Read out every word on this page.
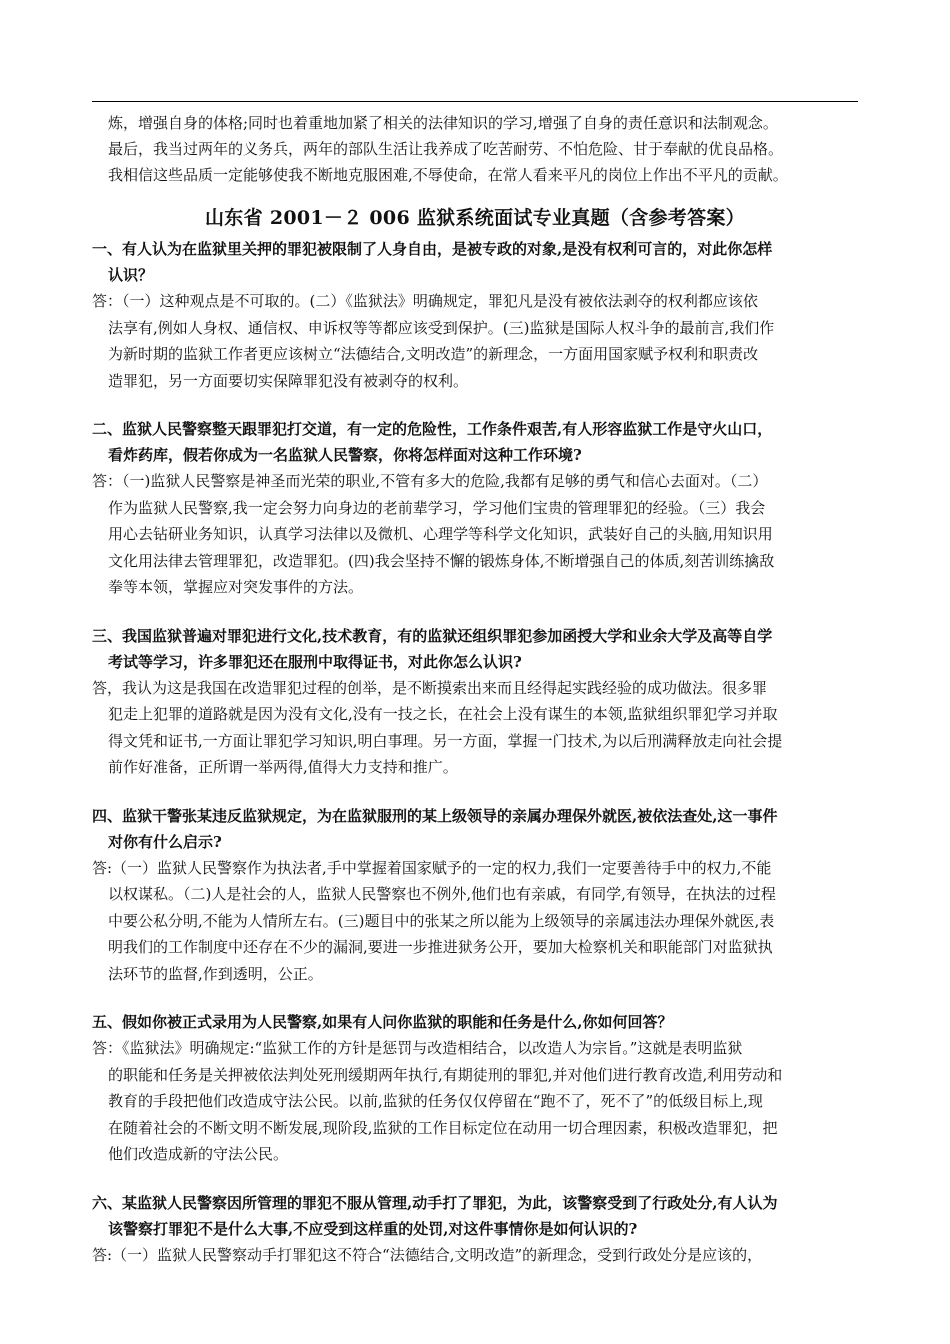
炼，增强自身的体格;同时也着重地加紧了相关的法律知识的学习,增强了自身的责任意识和法制观念。

最后，我当过两年的义务兵，两年的部队生活让我养成了吃苦耐劳、不怕危险、甘于奉献的优良品格。

我相信这些品质一定能够使我不断地克服困难,不辱使命，在常人看来平凡的岗位上作出不平凡的贡献。

山东省 2001－２ 006 监狱系统面试专业真题（含参考答案）
一、有人认为在监狱里关押的罪犯被限制了人身自由，是被专政的对象,是没有权利可言的，对此你怎样
认识？
答：（一）这种观点是不可取的。(二）《监狱法》明确规定，罪犯凡是没有被依法剥夺的权利都应该依
法享有,例如人身权、通信权、申诉权等等都应该受到保护。(三)监狱是国际人权斗争的最前言,我们作
为新时期的监狱工作者更应该树立“法德结合,文明改造”的新理念，一方面用国家赋予权利和职责改
造罪犯，另一方面要切实保障罪犯没有被剥夺的权利。
二、监狱人民警察整天跟罪犯打交道，有一定的危险性，工作条件艰苦,有人形容监狱工作是守火山口，
看炸药库，假若你成为一名监狱人民警察，你将怎样面对这种工作环境?
答：（一)监狱人民警察是神圣而光荣的职业,不管有多大的危险,我都有足够的勇气和信心去面对。（二）
作为监狱人民警察,我一定会努力向身边的老前辈学习，学习他们宝贵的管理罪犯的经验。（三）我会
用心去钻研业务知识，认真学习法律以及微机、心理学等科学文化知识，武装好自己的头脑,用知识用
文化用法律去管理罪犯，改造罪犯。(四)我会坚持不懈的锻炼身体,不断增强自己的体质,刻苦训练擒敌
拳等本领，掌握应对突发事件的方法。
三、我国监狱普遍对罪犯进行文化,技术教育，有的监狱还组织罪犯参加函授大学和业余大学及高等自学
考试等学习，许多罪犯还在服刑中取得证书，对此你怎么认识?
答，我认为这是我国在改造罪犯过程的创举，是不断摸索出来而且经得起实践经验的成功做法。很多罪
犯走上犯罪的道路就是因为没有文化,没有一技之长，在社会上没有谋生的本领,监狱组织罪犯学习并取
得文凭和证书,一方面让罪犯学习知识,明白事理。另一方面，掌握一门技术,为以后刑满释放走向社会提
前作好准备，正所谓一举两得,值得大力支持和推广。
四、监狱干警张某违反监狱规定，为在监狱服刑的某上级领导的亲属办理保外就医,被依法查处,这一事件
对你有什么启示?
答:（一）监狱人民警察作为执法者,手中掌握着国家赋予的一定的权力,我们一定要善待手中的权力,不能
以权谋私。（二)人是社会的人，监狱人民警察也不例外,他们也有亲戚，有同学,有领导，在执法的过程
中要公私分明,不能为人情所左右。(三)题目中的张某之所以能为上级领导的亲属违法办理保外就医,表
明我们的工作制度中还存在不少的漏洞,要进一步推进狱务公开，要加大检察机关和职能部门对监狱执
法环节的监督,作到透明，公正。
五、假如你被正式录用为人民警察,如果有人问你监狱的职能和任务是什么,你如何回答？
答：《监狱法》明确规定:“监狱工作的方针是惩罚与改造相结合，以改造人为宗旨。”这就是表明监狱
的职能和任务是关押被依法判处死刑缓期两年执行,有期徒刑的罪犯,并对他们进行教育改造,利用劳动和
教育的手段把他们改造成守法公民。以前,监狱的任务仅仅停留在“跑不了，死不了”的低级目标上,现
在随着社会的不断文明不断发展,现阶段,监狱的工作目标定位在动用一切合理因素，积极改造罪犯，把
他们改造成新的守法公民。
六、某监狱人民警察因所管理的罪犯不服从管理,动手打了罪犯，为此，该警察受到了行政处分,有人认为
该警察打罪犯不是什么大事,不应受到这样重的处罚,对这件事情你是如何认识的?
答:（一）监狱人民警察动手打罪犯这不符合“法德结合,文明改造”的新理念，受到行政处分是应该的，
